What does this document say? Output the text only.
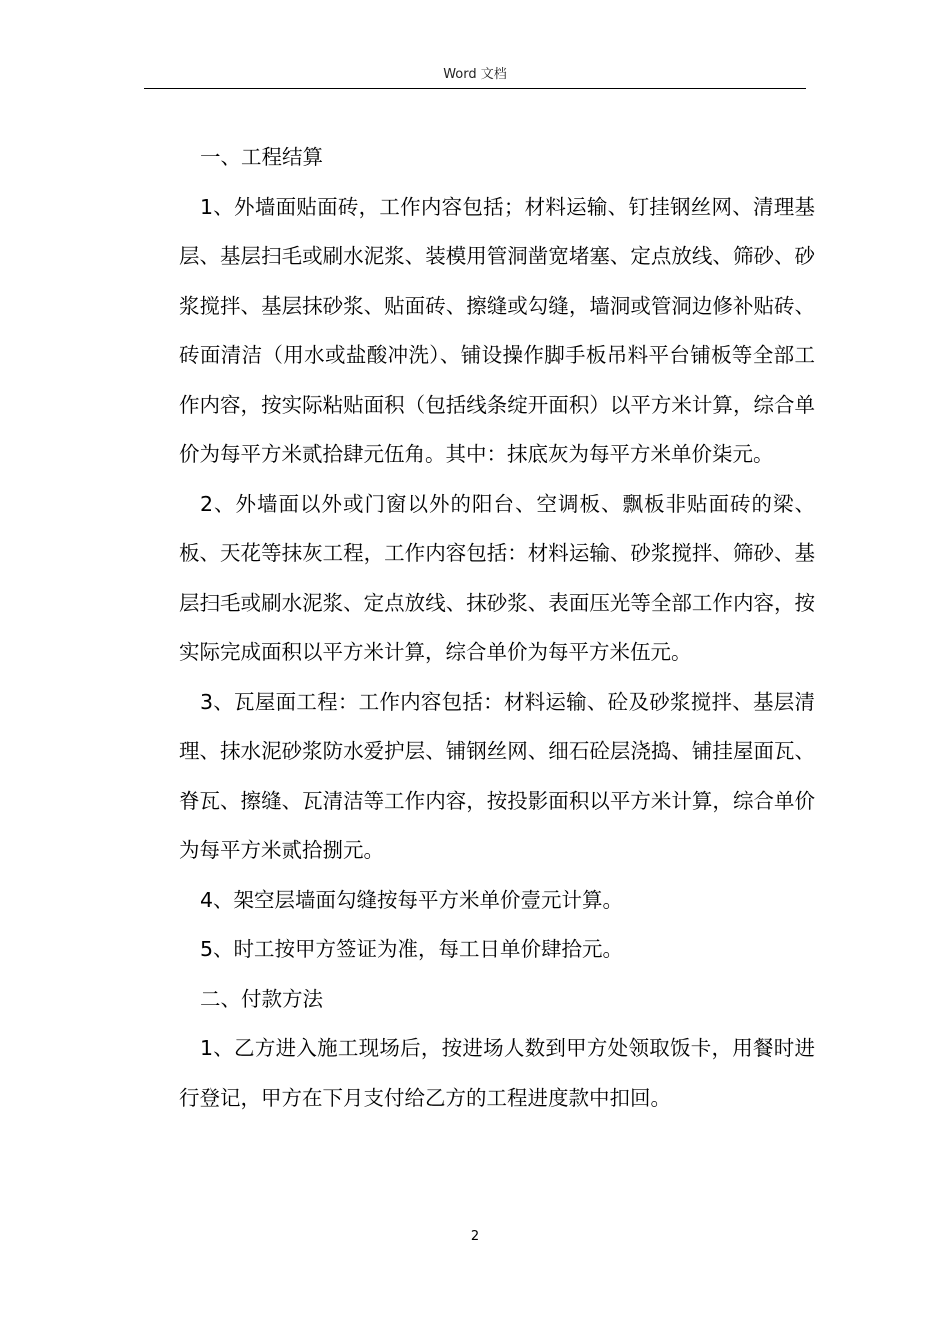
Word 文档

一、工程结算

1、外墙面贴面砖，工作内容包括；材料运输、钉挂钢丝网、清理基层、基层扫毛或刷水泥浆、装模用管洞凿宽堵塞、定点放线、筛砂、砂浆搅拌、基层抹砂浆、贴面砖、擦缝或勾缝，墙洞或管洞边修补贴砖、砖面清洁（用水或盐酸冲洗）、铺设操作脚手板吊料平台铺板等全部工作内容，按实际粘贴面积（包括线条绽开面积）以平方米计算，综合单价为每平方米贰拾肆元伍角。其中：抹底灰为每平方米单价柒元。

2、外墙面以外或门窗以外的阳台、空调板、飘板非贴面砖的梁、板、天花等抹灰工程，工作内容包括：材料运输、砂浆搅拌、筛砂、基层扫毛或刷水泥浆、定点放线、抹砂浆、表面压光等全部工作内容，按实际完成面积以平方米计算，综合单价为每平方米伍元。

3、瓦屋面工程：工作内容包括：材料运输、砼及砂浆搅拌、基层清理、抹水泥砂浆防水爱护层、铺钢丝网、细石砼层浇捣、铺挂屋面瓦、脊瓦、擦缝、瓦清洁等工作内容，按投影面积以平方米计算，综合单价为每平方米贰拾捌元。

4、架空层墙面勾缝按每平方米单价壹元计算。

5、时工按甲方签证为准，每工日单价肆拾元。

二、付款方法

1、乙方进入施工现场后，按进场人数到甲方处领取饭卡，用餐时进行登记，甲方在下月支付给乙方的工程进度款中扣回。

2
